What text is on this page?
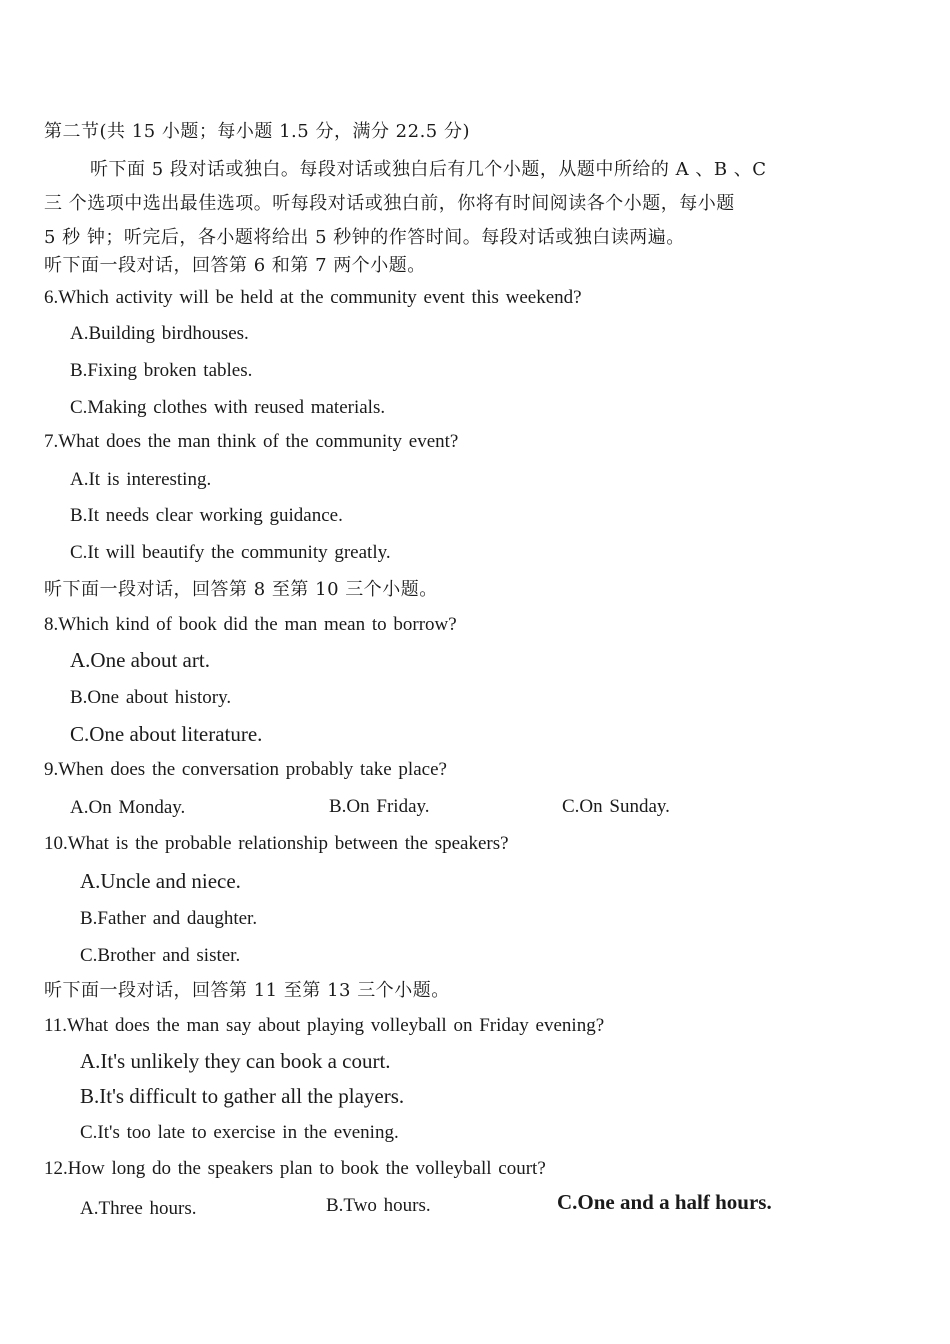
第二节(共 15 小题；每小题 1.5 分，满分 22.5 分)
听下面 5 段对话或独白。每段对话或独白后有几个小题，从题中所给的 A 、B 、C
三 个选项中选出最佳选项。听每段对话或独白前，你将有时间阅读各个小题，每小题
5 秒 钟；听完后，各小题将给出 5 秒钟的作答时间。每段对话或独白读两遍。
听下面一段对话，回答第 6 和第 7 两个小题。
6.Which activity will be held at the community event this weekend?
A.Building birdhouses.
B.Fixing broken tables.
C.Making clothes with reused materials.
7.What does the man think of the community event?
A.It is interesting.
B.It needs clear working guidance.
C.It will beautify the community greatly.
听下面一段对话，回答第 8 至第 10 三个小题。
8.Which kind of book did the man mean to borrow?
A.One about art.
B.One about history.
C.One about literature.
9.When does the conversation probably take place?
A.On Monday.	B.On Friday.	C.On Sunday.
10.What is the probable relationship between the speakers?
A.Uncle and niece.
B.Father and daughter.
C.Brother and sister.
听下面一段对话，回答第 11 至第 13 三个小题。
11.What does the man say about playing volleyball on Friday evening?
A.It's unlikely they can book a court.
B.It's difficult to gather all the players.
C.It's too late to exercise in the evening.
12.How long do the speakers plan to book the volleyball court?
A.Three hours.	B.Two hours.	C.One and a half hours.
